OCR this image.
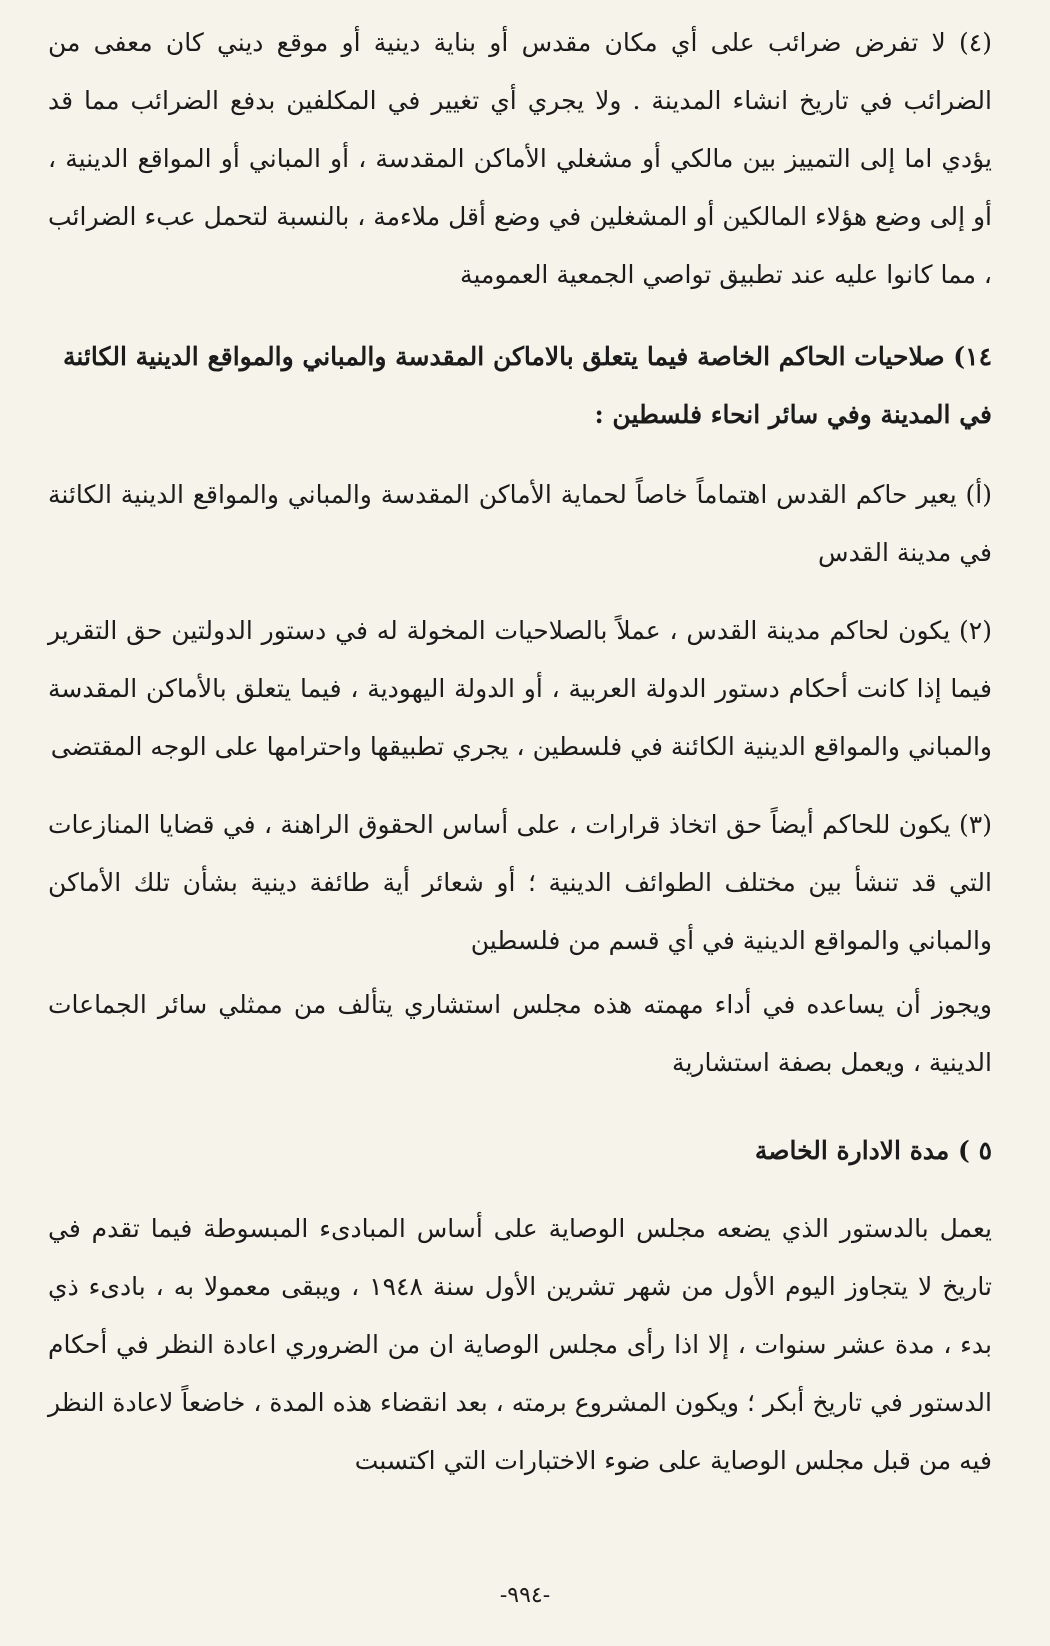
(٤) لا تفرض ضرائب على أي مكان مقدس أو بناية دينية أو موقع ديني كان معفى من الضرائب في تاريخ انشاء المدينة . ولا يجري أي تغيير في المكلفين بدفع الضرائب مما قد يؤدي اما إلى التمييز بين مالكي أو مشغلي الأماكن المقدسة ، أو المباني أو المواقع الدينية ، أو إلى وضع هؤلاء المالكين أو المشغلين في وضع أقل ملاءمة ، بالنسبة لتحمل عبء الضرائب ، مما كانوا عليه عند تطبيق تواصي الجمعية العمومية

١٤) صلاحيات الحاكم الخاصة فيما يتعلق بالاماكن المقدسة والمباني والمواقع الدينية الكائنة في المدينة وفي سائر انحاء فلسطين :

(أ) يعير حاكم القدس اهتماماً خاصاً لحماية الأماكن المقدسة والمباني والمواقع الدينية الكائنة في مدينة القدس

(٢) يكون لحاكم مدينة القدس ، عملاً بالصلاحيات المخولة له في دستور الدولتين حق التقرير فيما إذا كانت أحكام دستور الدولة العربية ، أو الدولة اليهودية ، فيما يتعلق بالأماكن المقدسة والمباني والمواقع الدينية الكائنة في فلسطين ، يجري تطبيقها واحترامها على الوجه المقتضى

(٣) يكون للحاكم أيضاً حق اتخاذ قرارات ، على أساس الحقوق الراهنة ، في قضايا المنازعات التي قد تنشأ بين مختلف الطوائف الدينية ؛ أو شعائر أية طائفة دينية بشأن تلك الأماكن والمباني والمواقع الدينية في أي قسم من فلسطين

ويجوز أن يساعده في أداء مهمته هذه مجلس استشاري يتألف من ممثلي سائر الجماعات الدينية ، ويعمل بصفة استشارية

٥ ) مدة الادارة الخاصة

يعمل بالدستور الذي يضعه مجلس الوصاية على أساس المبادىء المبسوطة فيما تقدم في تاريخ لا يتجاوز اليوم الأول من شهر تشرين الأول سنة ١٩٤٨ ، ويبقى معمولا به ، بادىء ذي بدء ، مدة عشر سنوات ، إلا اذا رأى مجلس الوصاية ان من الضروري اعادة النظر في أحكام الدستور في تاريخ أبكر ؛ ويكون المشروع برمته ، بعد انقضاء هذه المدة ، خاضعاً لاعادة النظر فيه من قبل مجلس الوصاية على ضوء الاختبارات التي اكتسبت

-٩٩٤-
